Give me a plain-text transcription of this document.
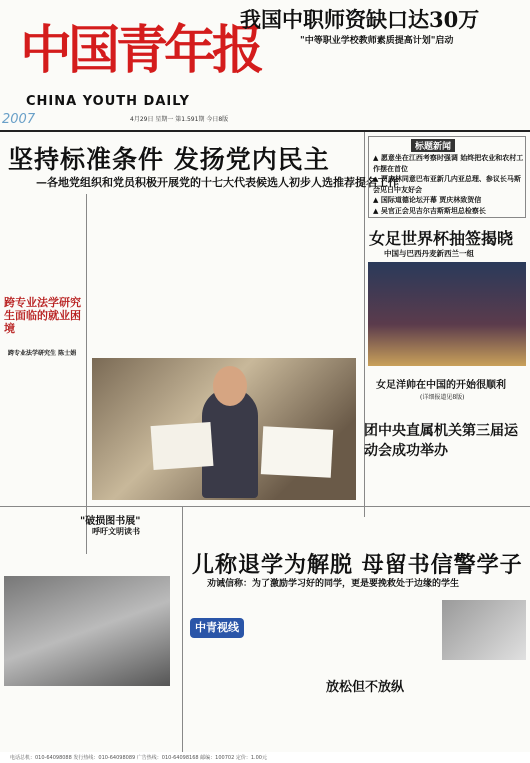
中国青年报
CHINA YOUTH DAILY
2007	4月29日 星期一 第1.591期 今日8版
我国中职师资缺口达30万
"中等职业学校教师素质提高计划"启动
坚持标准条件 发扬党内民主
—各地党组织和党员积极开展党的十七大代表候选人初步人选推荐提名工作
标题新闻
▲ 愿意坐在江西考察时强调 始终把农业和农村工作摆在首位
▲ 贾庆林同意巴布亚新几内亚总理、参议长马斯会见日中友好会
▲ 国际道德论坛开幕 贾庆林致贺信
▲ 吴官正会见吉尔吉斯斯坦总检察长
女足世界杯抽签揭晓
中国与巴西丹麦新西兰一组
女足洋帅在中国的开始很顺利
(详细报道见8版)
跨专业法学研究生面临的就业困境
跨专业法学研究生 陈士娟
团中央直属机关第三届运动会成功举办
"破损图书展"
呼吁文明读书
儿称退学为解脱 母留书信警学子
劝诫信称：为了激励学习好的同学，更是要挽救处于边缘的学生
中青视线
放松但不放纵
电话总机：010-64098088 发行热线：010-64098089 广告热线：010-64098168 邮编：100702 定价：1.00元
